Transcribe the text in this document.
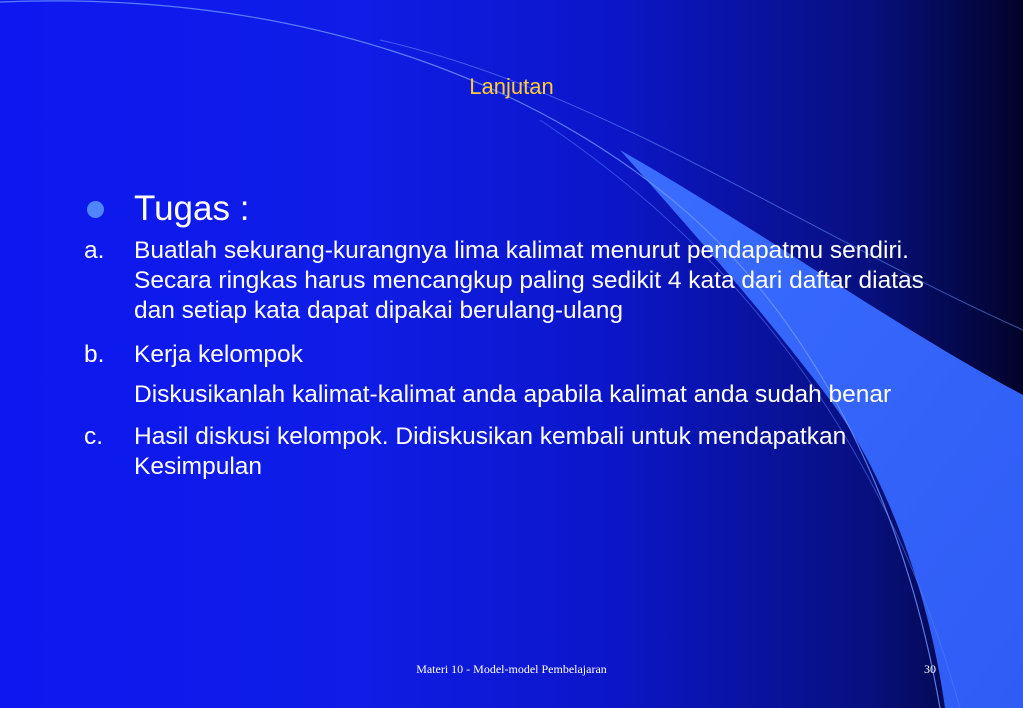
Lanjutan
Tugas :
a. Buatlah sekurang-kurangnya lima kalimat menurut pendapatmu sendiri. Secara ringkas harus mencangkup paling sedikit 4 kata dari daftar diatas dan setiap kata dapat dipakai berulang-ulang
b. Kerja kelompok
Diskusikanlah kalimat-kalimat anda apabila kalimat anda sudah benar
c. Hasil diskusi kelompok. Didiskusikan kembali untuk mendapatkan Kesimpulan
Materi 10 - Model-model Pembelajaran	30
